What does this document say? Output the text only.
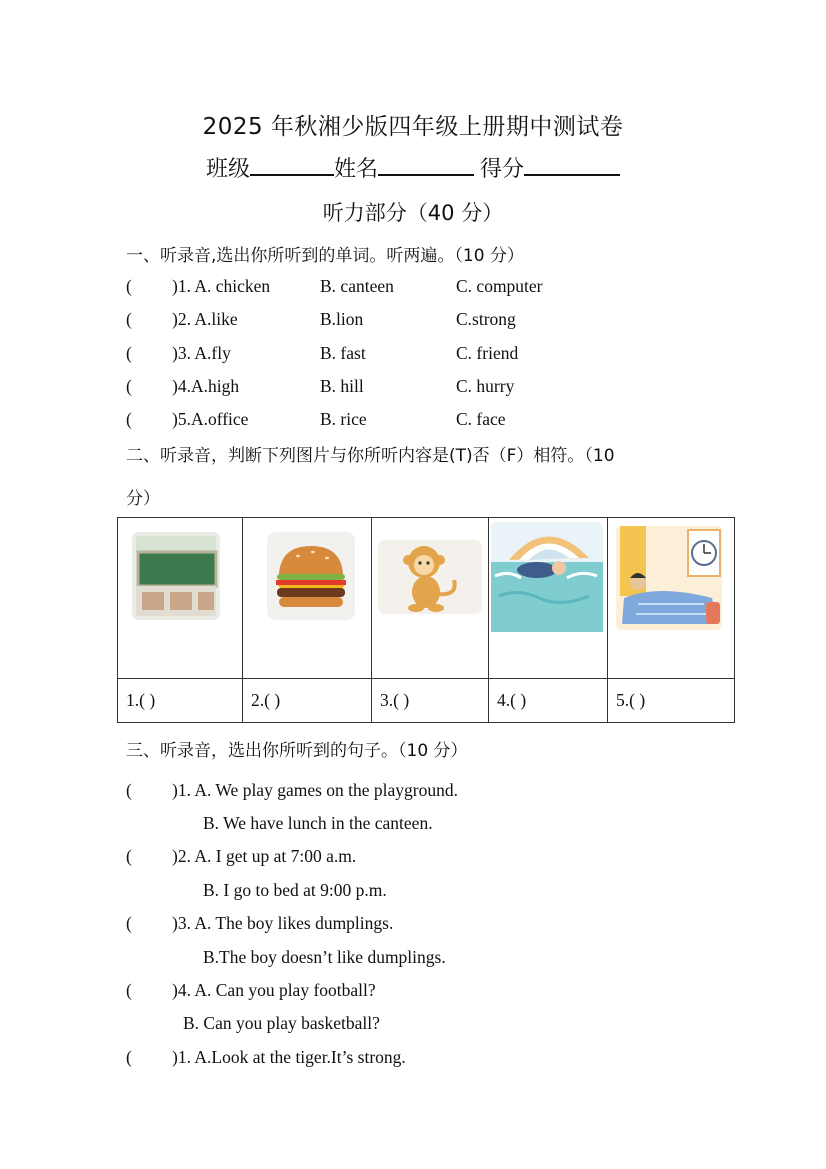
2025 年秋湘少版四年级上册期中测试卷
班级	姓名	得分
听力部分（40 分）
一、听录音,选出你所听到的单词。听两遍。（10 分）
( )1. A. chicken	B. canteen	C. computer
( )2. A.like	B.lion	C.strong
( )3. A.fly	B. fast	C. friend
( )4.A.high	B. hill	C. hurry
( )5.A.office	B. rice	C. face
二、听录音，判断下列图片与你所听内容是(T)否（F）相符。（10
分）

1.( )	2.( )	3.( )	4.( )	5.( )
三、听录音，选出你所听到的句子。（10 分）
( )1. A. We play games on the playground.
B. We have lunch in the canteen.
( )2. A. I get up at 7:00 a.m.
B. I go to bed at 9:00 p.m.
( )3. A. The boy likes dumplings.
B.The boy doesn’t like dumplings.
( )4. A. Can you play football?
B. Can you play basketball?
( )1. A.Look at the tiger.It’s strong.
